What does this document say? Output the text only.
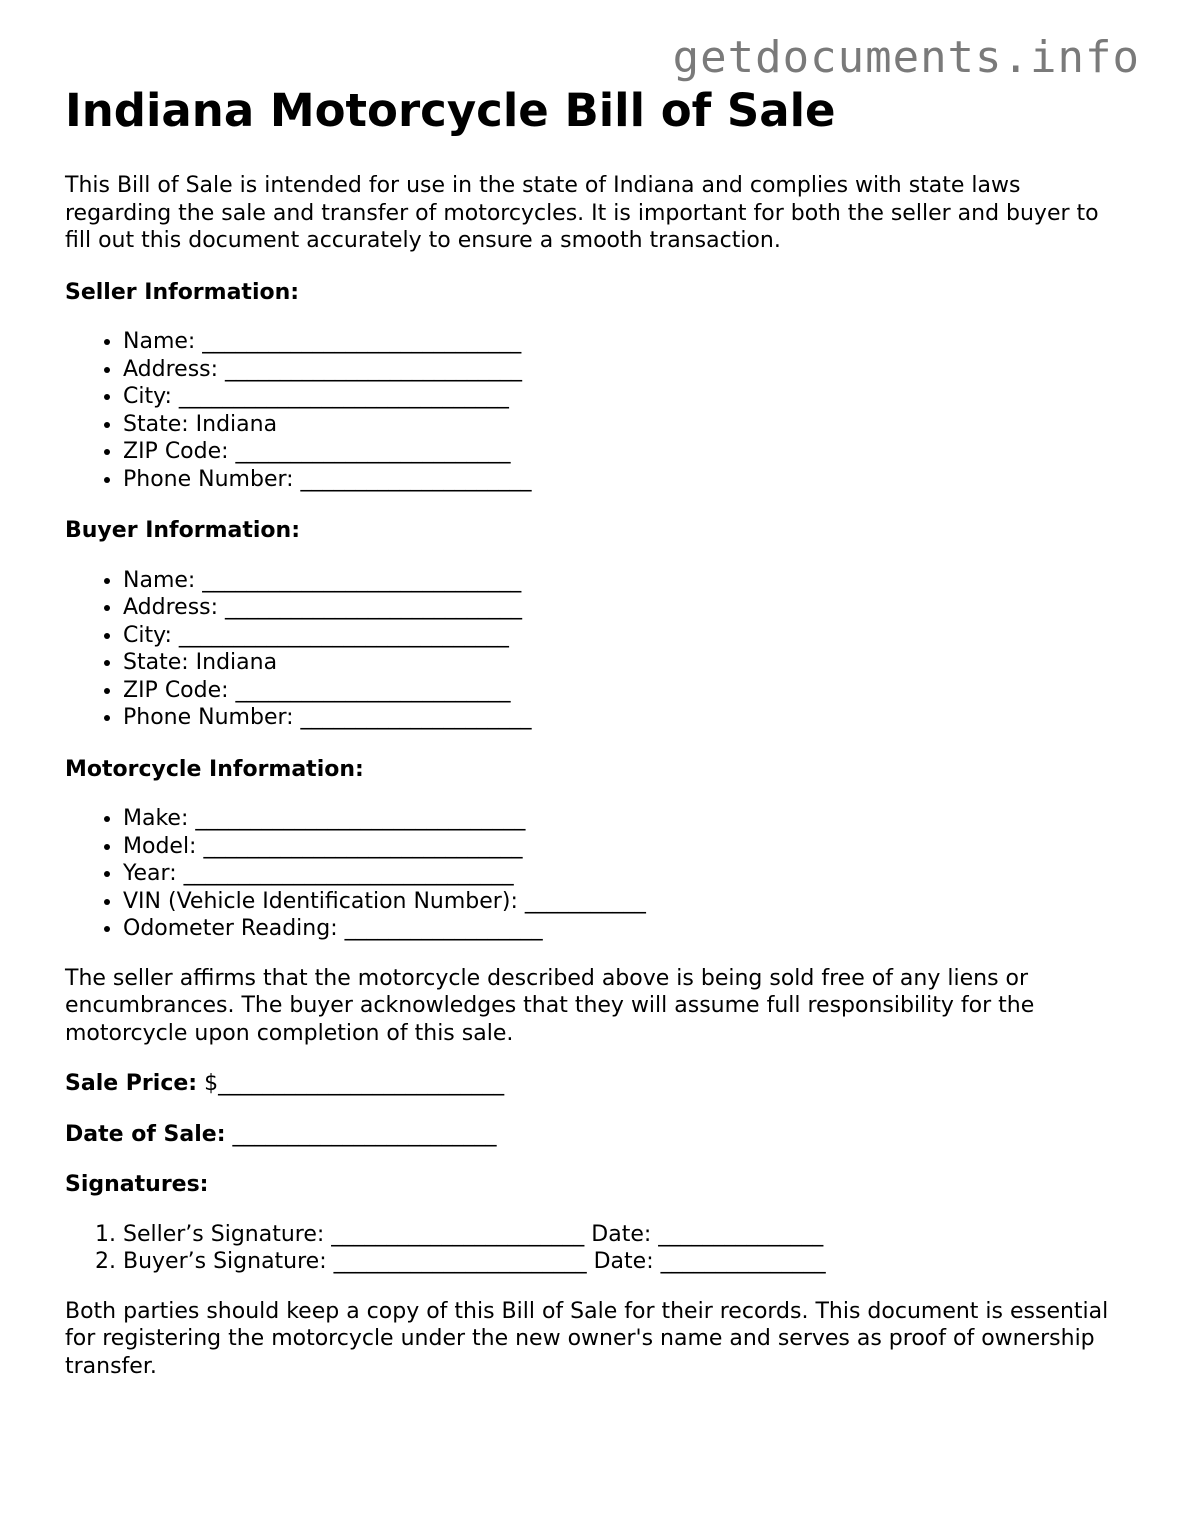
getdocuments.info
Indiana Motorcycle Bill of Sale

This Bill of Sale is intended for use in the state of Indiana and complies with state laws regarding the sale and transfer of motorcycles. It is important for both the seller and buyer to fill out this document accurately to ensure a smooth transaction.

Seller Information:

• Name: _____________________________
• Address: ___________________________
• City: ______________________________
• State: Indiana
• ZIP Code: _________________________
• Phone Number: _____________________

Buyer Information:

• Name: _____________________________
• Address: ___________________________
• City: ______________________________
• State: Indiana
• ZIP Code: _________________________
• Phone Number: _____________________

Motorcycle Information:

• Make: ______________________________
• Model: _____________________________
• Year: ______________________________
• VIN (Vehicle Identification Number): ___________
• Odometer Reading: __________________

The seller affirms that the motorcycle described above is being sold free of any liens or encumbrances. The buyer acknowledges that they will assume full responsibility for the motorcycle upon completion of this sale.

Sale Price: $__________________________

Date of Sale: ________________________

Signatures:

1. Seller’s Signature: _______________________ Date: _______________
2. Buyer’s Signature: _______________________ Date: _______________

Both parties should keep a copy of this Bill of Sale for their records. This document is essential for registering the motorcycle under the new owner's name and serves as proof of ownership transfer.
